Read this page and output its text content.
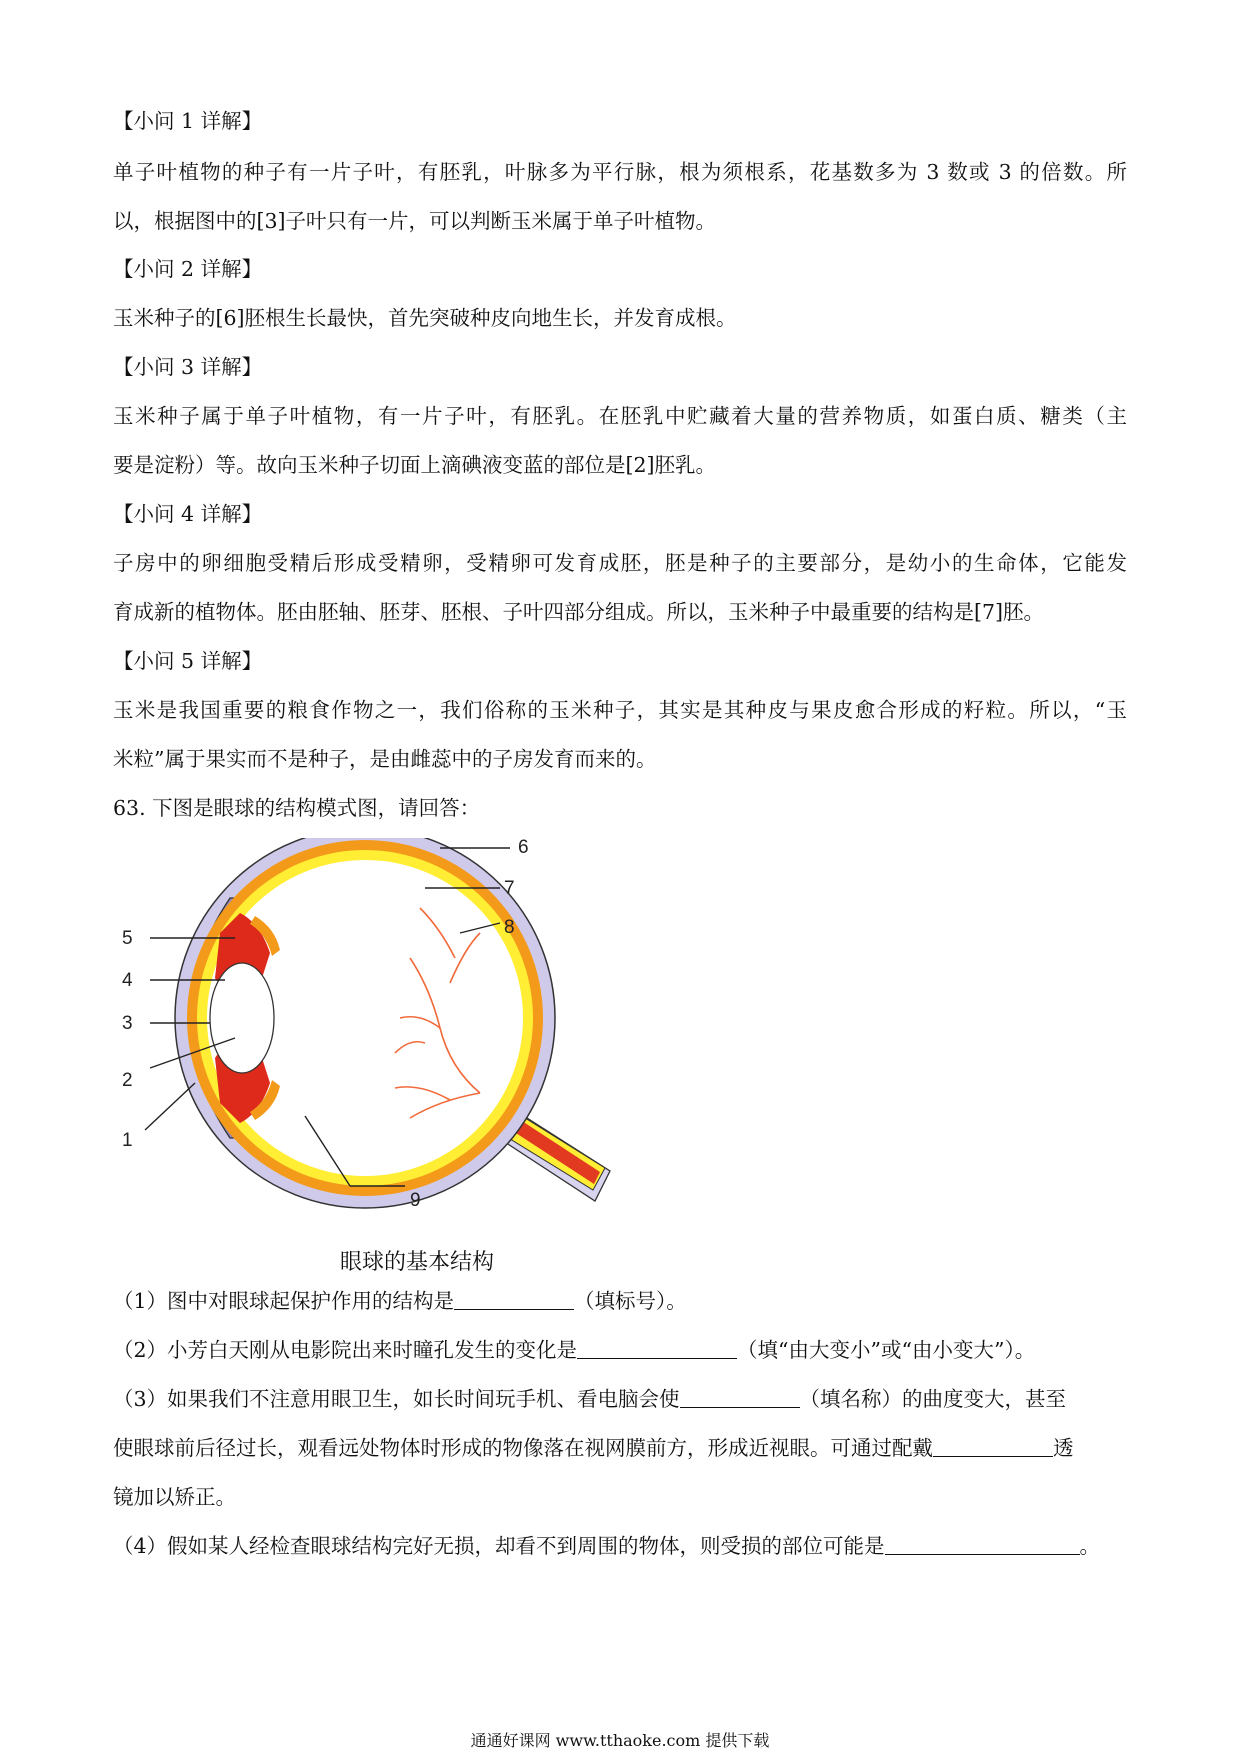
【小问 1 详解】
单子叶植物的种子有一片子叶，有胚乳，叶脉多为平行脉，根为须根系，花基数多为 3 数或 3 的倍数。所
以，根据图中的[3]子叶只有一片，可以判断玉米属于单子叶植物。
【小问 2 详解】
玉米种子的[6]胚根生长最快，首先突破种皮向地生长，并发育成根。
【小问 3 详解】
玉米种子属于单子叶植物，有一片子叶，有胚乳。在胚乳中贮藏着大量的营养物质，如蛋白质、糖类（主
要是淀粉）等。故向玉米种子切面上滴碘液变蓝的部位是[2]胚乳。
【小问 4 详解】
子房中的卵细胞受精后形成受精卵，受精卵可发育成胚，胚是种子的主要部分，是幼小的生命体，它能发
育成新的植物体。胚由胚轴、胚芽、胚根、子叶四部分组成。所以，玉米种子中最重要的结构是[7]胚。
【小问 5 详解】
玉米是我国重要的粮食作物之一，我们俗称的玉米种子，其实是其种皮与果皮愈合形成的籽粒。所以，“玉
米粒”属于果实而不是种子，是由雌蕊中的子房发育而来的。
63. 下图是眼球的结构模式图，请回答：
6
7
8
5
4
3
2
1
9
眼球的基本结构
（1）图中对眼球起保护作用的结构是	（填标号）。
（2）小芳白天刚从电影院出来时瞳孔发生的变化是	（填“由大变小”或“由小变大”）。
（3）如果我们不注意用眼卫生，如长时间玩手机、看电脑会使	（填名称）的曲度变大，甚至
使眼球前后径过长，观看远处物体时形成的物像落在视网膜前方，形成近视眼。可通过配戴	透
镜加以矫正。
（4）假如某人经检查眼球结构完好无损，却看不到周围的物体，则受损的部位可能是	。
通通好课网 www.tthaoke.com 提供下载
